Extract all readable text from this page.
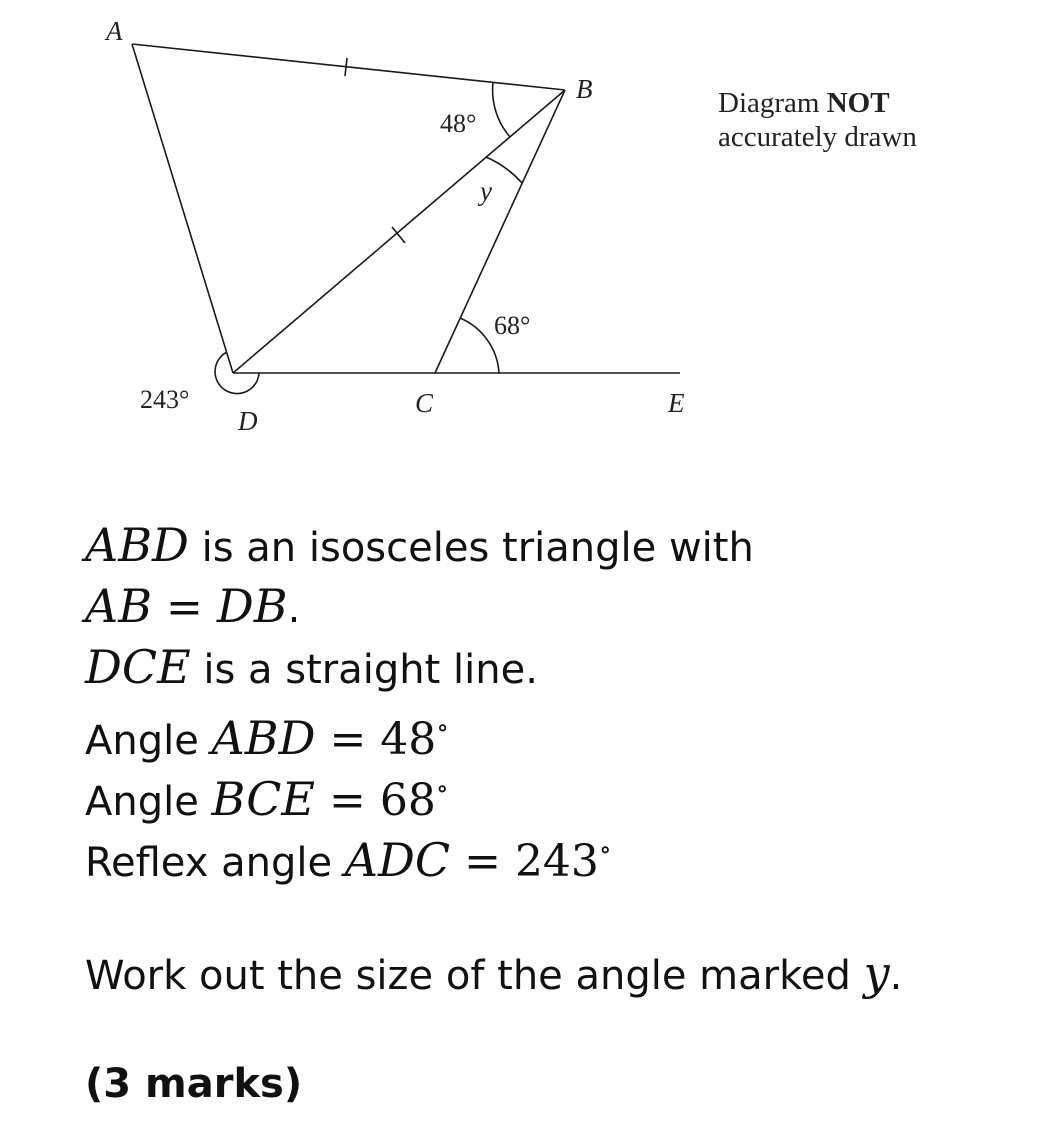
A
B
C
D
E
48°
y
68°
243°
Diagram NOT
accurately drawn
ABD is an isosceles triangle with
AB = DB.
DCE is a straight line.
Angle ABD = 48∘
Angle BCE = 68∘
Reflex angle ADC = 243∘
Work out the size of the angle marked y.
(3 marks)
